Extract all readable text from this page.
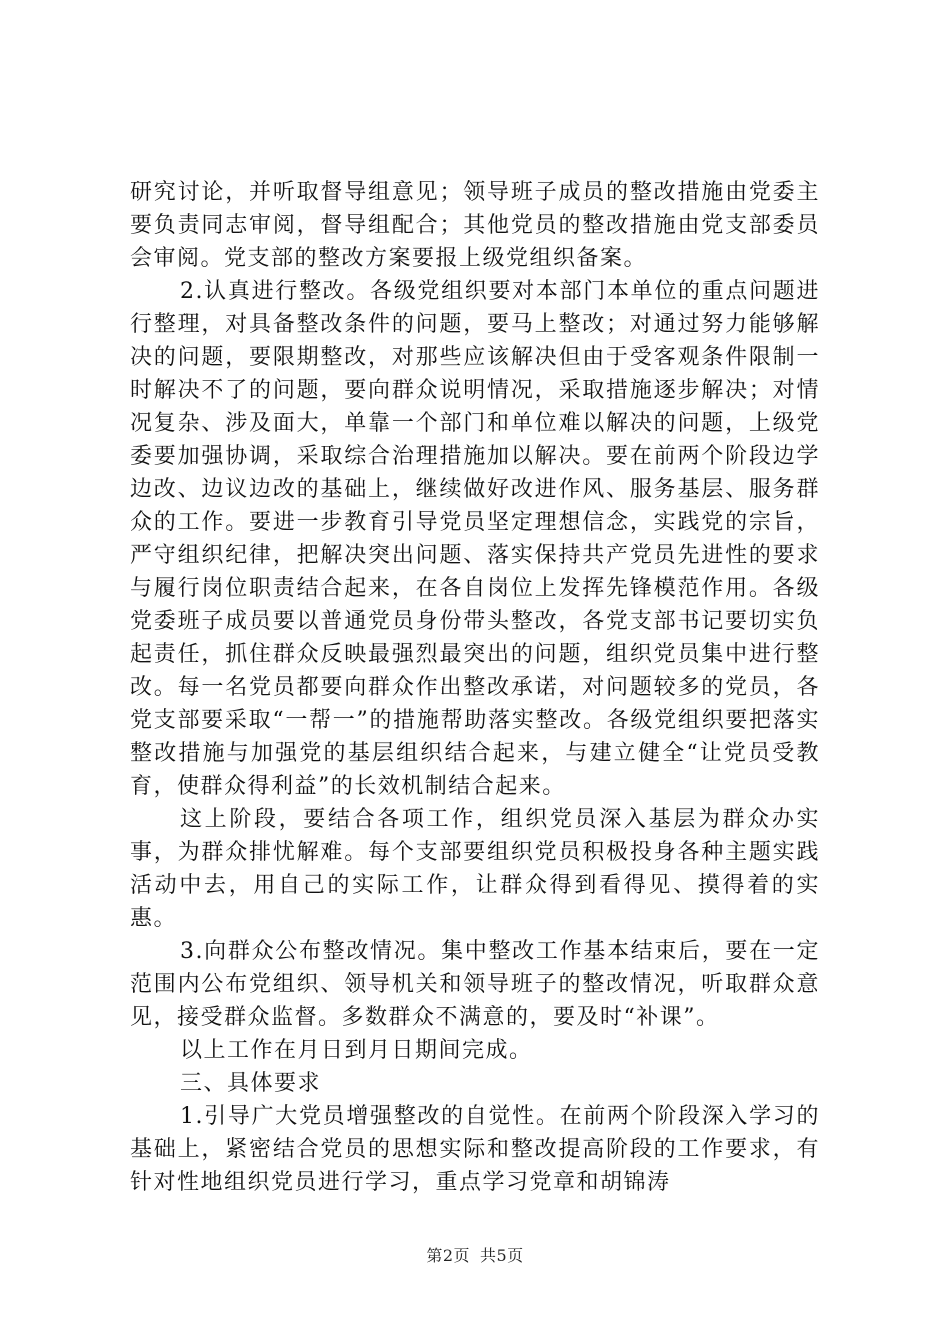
研究讨论，并听取督导组意见；领导班子成员的整改措施由党委主要负责同志审阅，督导组配合；其他党员的整改措施由党支部委员会审阅。党支部的整改方案要报上级党组织备案。

2.认真进行整改。各级党组织要对本部门本单位的重点问题进行整理，对具备整改条件的问题，要马上整改；对通过努力能够解决的问题，要限期整改，对那些应该解决但由于受客观条件限制一时解决不了的问题，要向群众说明情况，采取措施逐步解决；对情况复杂、涉及面大，单靠一个部门和单位难以解决的问题，上级党委要加强协调，采取综合治理措施加以解决。要在前两个阶段边学边改、边议边改的基础上，继续做好改进作风、服务基层、服务群众的工作。要进一步教育引导党员坚定理想信念，实践党的宗旨，严守组织纪律，把解决突出问题、落实保持共产党员先进性的要求与履行岗位职责结合起来，在各自岗位上发挥先锋模范作用。各级党委班子成员要以普通党员身份带头整改，各党支部书记要切实负起责任，抓住群众反映最强烈最突出的问题，组织党员集中进行整改。每一名党员都要向群众作出整改承诺，对问题较多的党员，各党支部要采取“一帮一”的措施帮助落实整改。各级党组织要把落实整改措施与加强党的基层组织结合起来，与建立健全“让党员受教育，使群众得利益”的长效机制结合起来。

这上阶段，要结合各项工作，组织党员深入基层为群众办实事，为群众排忧解难。每个支部要组织党员积极投身各种主题实践活动中去，用自己的实际工作，让群众得到看得见、摸得着的实惠。

3.向群众公布整改情况。集中整改工作基本结束后，要在一定范围内公布党组织、领导机关和领导班子的整改情况，听取群众意见，接受群众监督。多数群众不满意的，要及时“补课”。

以上工作在月日到月日期间完成。

三、具体要求

1.引导广大党员增强整改的自觉性。在前两个阶段深入学习的基础上，紧密结合党员的思想实际和整改提高阶段的工作要求，有针对性地组织党员进行学习，重点学习党章和胡锦涛

第2页 共5页
